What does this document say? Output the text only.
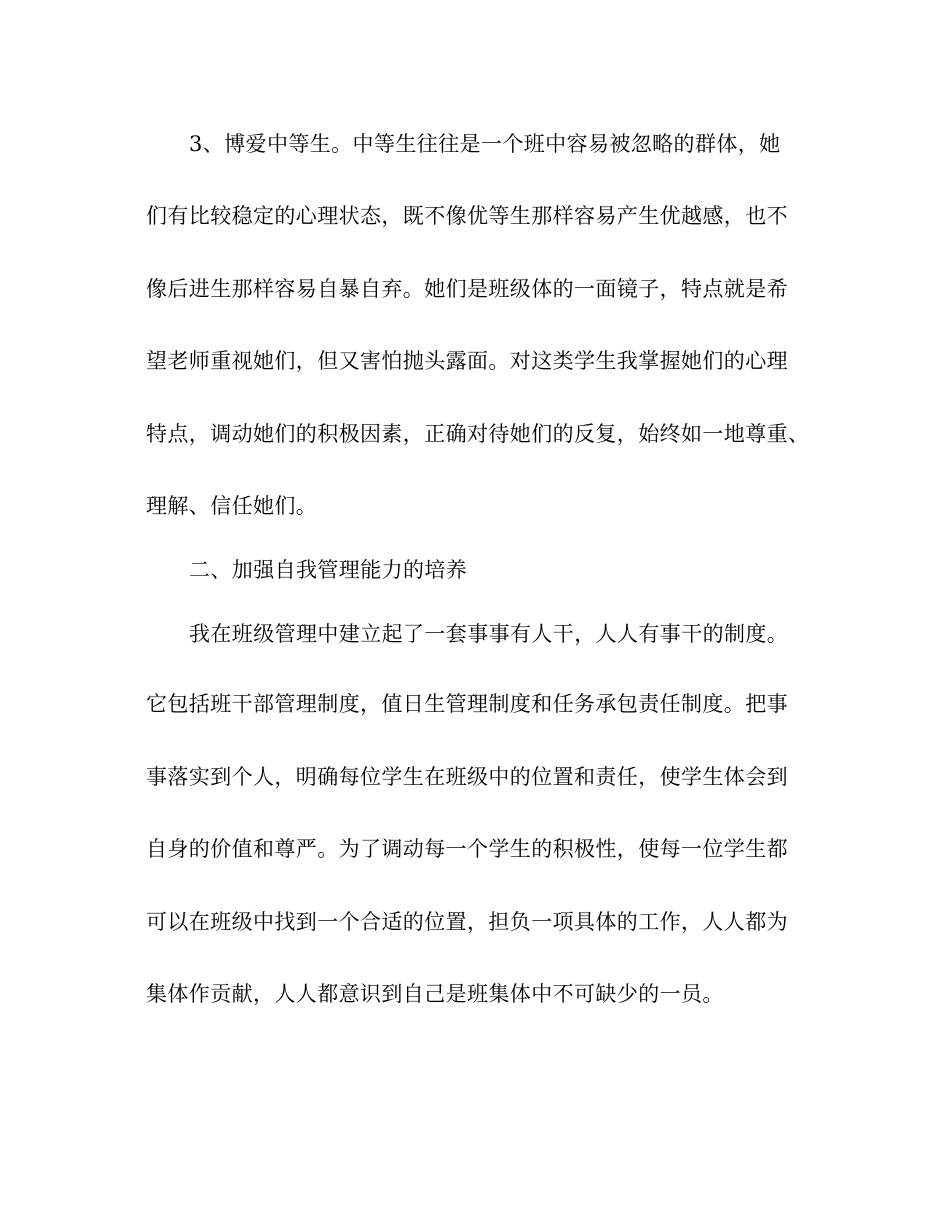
3、博爱中等生。中等生往往是一个班中容易被忽略的群体，她
们有比较稳定的心理状态，既不像优等生那样容易产生优越感，也不
像后进生那样容易自暴自弃。她们是班级体的一面镜子，特点就是希
望老师重视她们，但又害怕抛头露面。对这类学生我掌握她们的心理
特点，调动她们的积极因素，正确对待她们的反复，始终如一地尊重、
理解、信任她们。
二、加强自我管理能力的培养
我在班级管理中建立起了一套事事有人干，人人有事干的制度。
它包括班干部管理制度，值日生管理制度和任务承包责任制度。把事
事落实到个人，明确每位学生在班级中的位置和责任，使学生体会到
自身的价值和尊严。为了调动每一个学生的积极性，使每一位学生都
可以在班级中找到一个合适的位置，担负一项具体的工作，人人都为
集体作贡献，人人都意识到自己是班集体中不可缺少的一员。
